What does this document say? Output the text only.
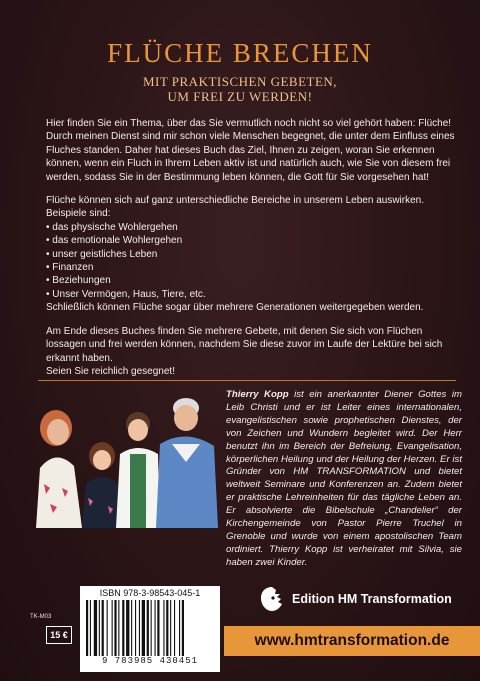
FLÜCHE BRECHEN
MIT PRAKTISCHEN GEBETEN,
UM FREI ZU WERDEN!

Hier finden Sie ein Thema, über das Sie vermutlich noch nicht so viel gehört haben: Flüche! Durch meinen Dienst sind mir schon viele Menschen begegnet, die unter dem Einfluss eines Fluches standen. Daher hat dieses Buch das Ziel, Ihnen zu zeigen, woran Sie erkennen können, wenn ein Fluch in Ihrem Leben aktiv ist und natürlich auch, wie Sie von diesem frei werden, sodass Sie in der Bestimmung leben können, die Gott für Sie vorgesehen hat!

Flüche können sich auf ganz unterschiedliche Bereiche in unserem Leben auswirken. Beispiele sind:
• das physische Wohlergehen
• das emotionale Wohlergehen
• unser geistliches Leben
• Finanzen
• Beziehungen
• Unser Vermögen, Haus, Tiere, etc.
Schließlich können Flüche sogar über mehrere Generationen weitergegeben werden.
Am Ende dieses Buches finden Sie mehrere Gebete, mit denen Sie sich von Flüchen lossagen und frei werden können, nachdem Sie diese zuvor im Laufe der Lektüre bei sich erkannt haben.
Seien Sie reichlich gesegnet!
Thierry Kopp ist ein anerkannter Diener Gottes im Leib Christi und er ist Leiter eines internationalen, evangelistischen sowie prophetischen Dienstes, der von Zeichen und Wundern begleitet wird. Der Herr benutzt ihn im Bereich der Befreiung, Evangelisation, körperlichen Heilung und der Heilung der Herzen. Er ist Gründer von HM TRANSFORMATION und bietet weltweit Seminare und Konferenzen an. Zudem bietet er praktische Lehreinheiten für das tägliche Leben an. Er absolvierte die Bibelschule „Chandelier“ der Kirchengemeinde von Pastor Pierre Truchel in Grenoble und wurde von einem apostolischen Team ordiniert. Thierry Kopp ist verheiratet mit Silvia, sie haben zwei Kinder.
Edition HM Transformation
ISBN 978-3-98543-045-1
9 783985 430451
TK-M03
15 €	www.hmtransformation.de
